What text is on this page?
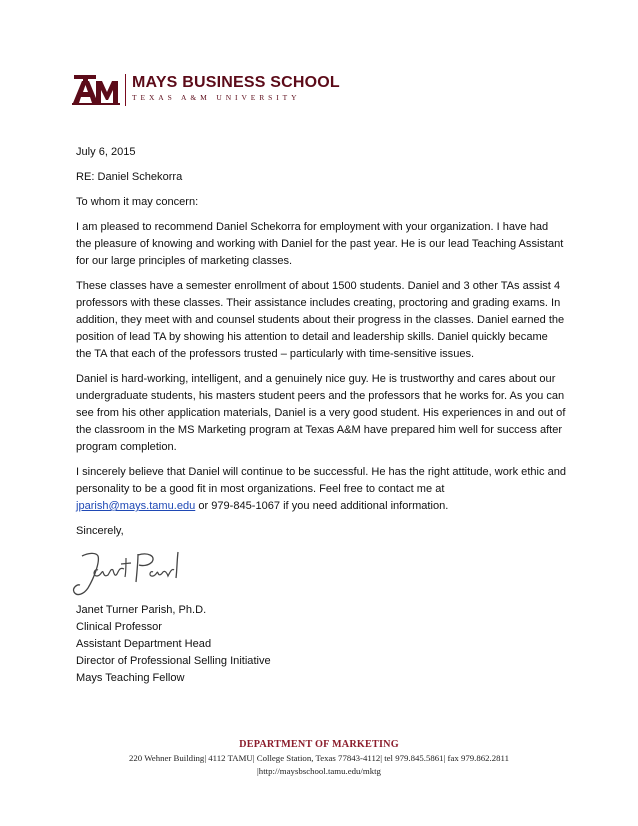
MAYS BUSINESS SCHOOL
TEXAS A&M UNIVERSITY

July 6, 2015

RE: Daniel Schekorra

To whom it may concern:

I am pleased to recommend Daniel Schekorra for employment with your organization. I have had the pleasure of knowing and working with Daniel for the past year. He is our lead Teaching Assistant for our large principles of marketing classes.

These classes have a semester enrollment of about 1500 students. Daniel and 3 other TAs assist 4 professors with these classes. Their assistance includes creating, proctoring and grading exams. In addition, they meet with and counsel students about their progress in the classes. Daniel earned the position of lead TA by showing his attention to detail and leadership skills. Daniel quickly became the TA that each of the professors trusted – particularly with time-sensitive issues.

Daniel is hard-working, intelligent, and a genuinely nice guy. He is trustworthy and cares about our undergraduate students, his masters student peers and the professors that he works for. As you can see from his other application materials, Daniel is a very good student. His experiences in and out of the classroom in the MS Marketing program at Texas A&M have prepared him well for success after program completion.

I sincerely believe that Daniel will continue to be successful. He has the right attitude, work ethic and personality to be a good fit in most organizations. Feel free to contact me at jparish@mays.tamu.edu or 979-845-1067 if you need additional information.

Sincerely,

Janet Turner Parish, Ph.D.
Clinical Professor
Assistant Department Head
Director of Professional Selling Initiative
Mays Teaching Fellow
DEPARTMENT OF MARKETING
220 Wehner Building| 4112 TAMU| College Station, Texas 77843-4112| tel 979.845.5861| fax 979.862.2811
|http://maysbschool.tamu.edu/mktg
